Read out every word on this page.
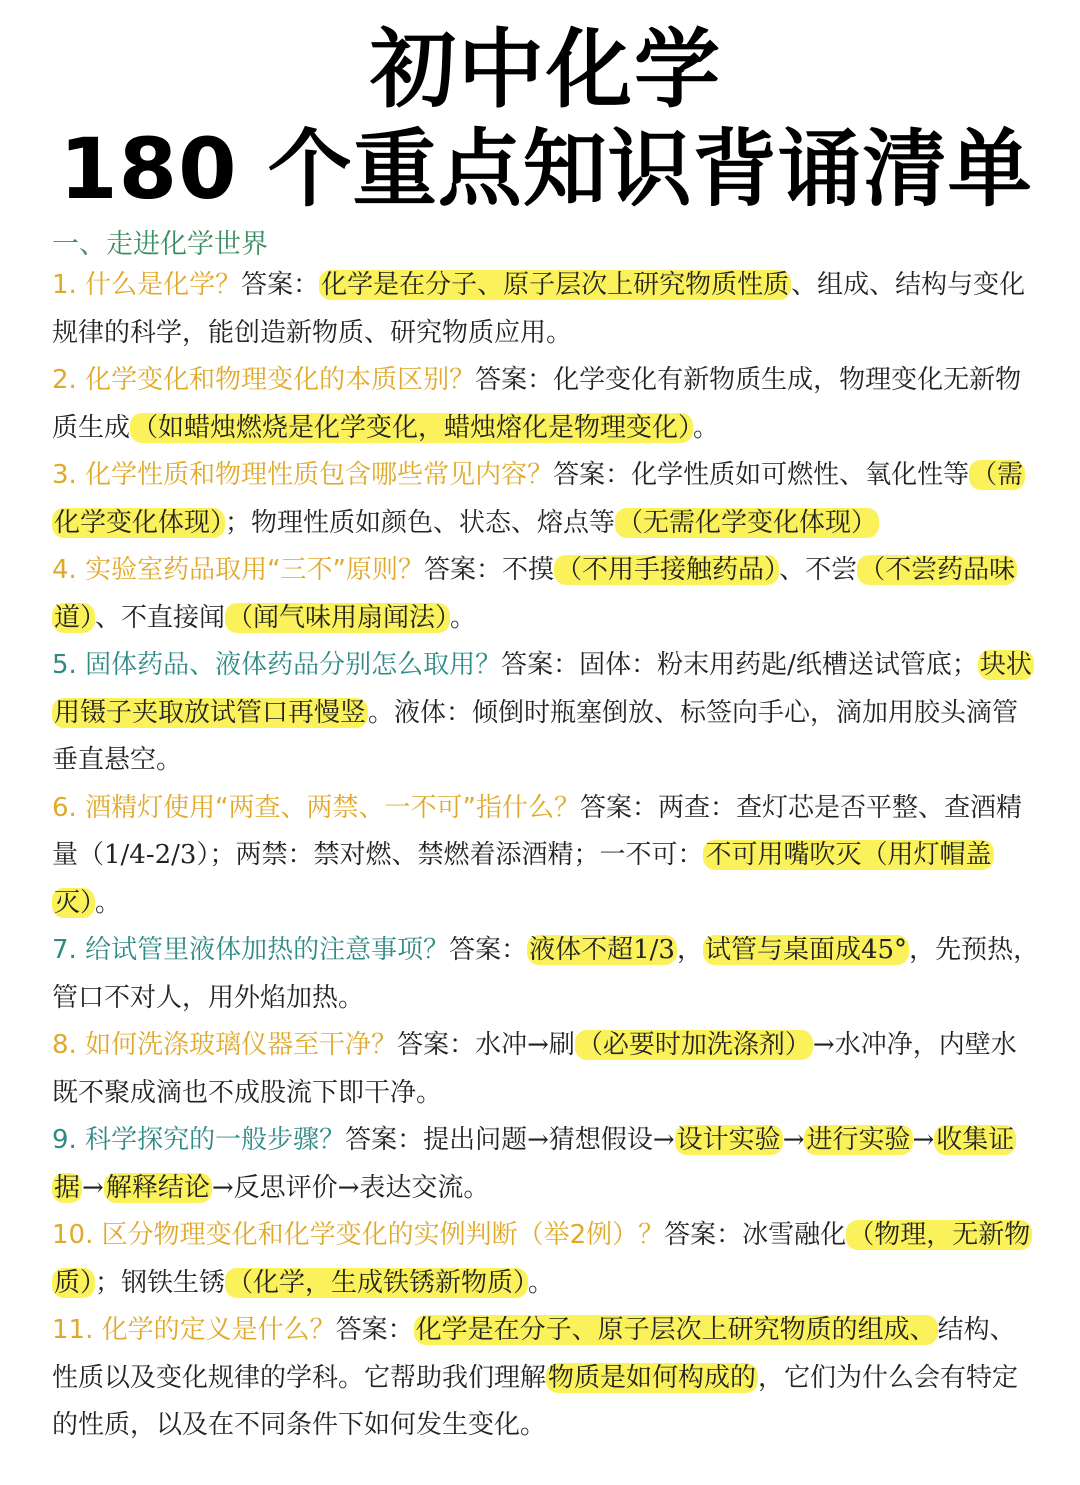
初中化学
180 个重点知识背诵清单
一、走进化学世界

1. 什么是化学？答案：化学是在分子、原子层次上研究物质性质、组成、结构与变化规律的科学，能创造新物质、研究物质应用。

2. 化学变化和物理变化的本质区别？答案：化学变化有新物质生成，物理变化无新物质生成（如蜡烛燃烧是化学变化，蜡烛熔化是物理变化）。

3. 化学性质和物理性质包含哪些常见内容？答案：化学性质如可燃性、氧化性等（需化学变化体现）；物理性质如颜色、状态、熔点等（无需化学变化体现）

4. 实验室药品取用“三不”原则？答案：不摸（不用手接触药品）、不尝（不尝药品味道）、不直接闻（闻气味用扇闻法）。

5. 固体药品、液体药品分别怎么取用？答案：固体：粉末用药匙/纸槽送试管底；块状用镊子夹取放试管口再慢竖。液体：倾倒时瓶塞倒放、标签向手心，滴加用胶头滴管垂直悬空。

6. 酒精灯使用“两查、两禁、一不可”指什么？答案：两查：查灯芯是否平整、查酒精量（1/4-2/3）；两禁：禁对燃、禁燃着添酒精；一不可：不可用嘴吹灭（用灯帽盖灭）。

7. 给试管里液体加热的注意事项？答案：液体不超1/3，试管与桌面成45°，先预热，管口不对人，用外焰加热。

8. 如何洗涤玻璃仪器至干净？答案：水冲→刷（必要时加洗涤剂）→水冲净，内壁水既不聚成滴也不成股流下即干净。

9. 科学探究的一般步骤？答案：提出问题→猜想假设→设计实验→进行实验→收集证据→解释结论→反思评价→表达交流。

10. 区分物理变化和化学变化的实例判断（举2例）？答案：冰雪融化（物理，无新物质）；钢铁生锈（化学，生成铁锈新物质）。

11. 化学的定义是什么？答案：化学是在分子、原子层次上研究物质的组成、结构、性质以及变化规律的学科。它帮助我们理解物质是如何构成的，它们为什么会有特定的性质，以及在不同条件下如何发生变化。
